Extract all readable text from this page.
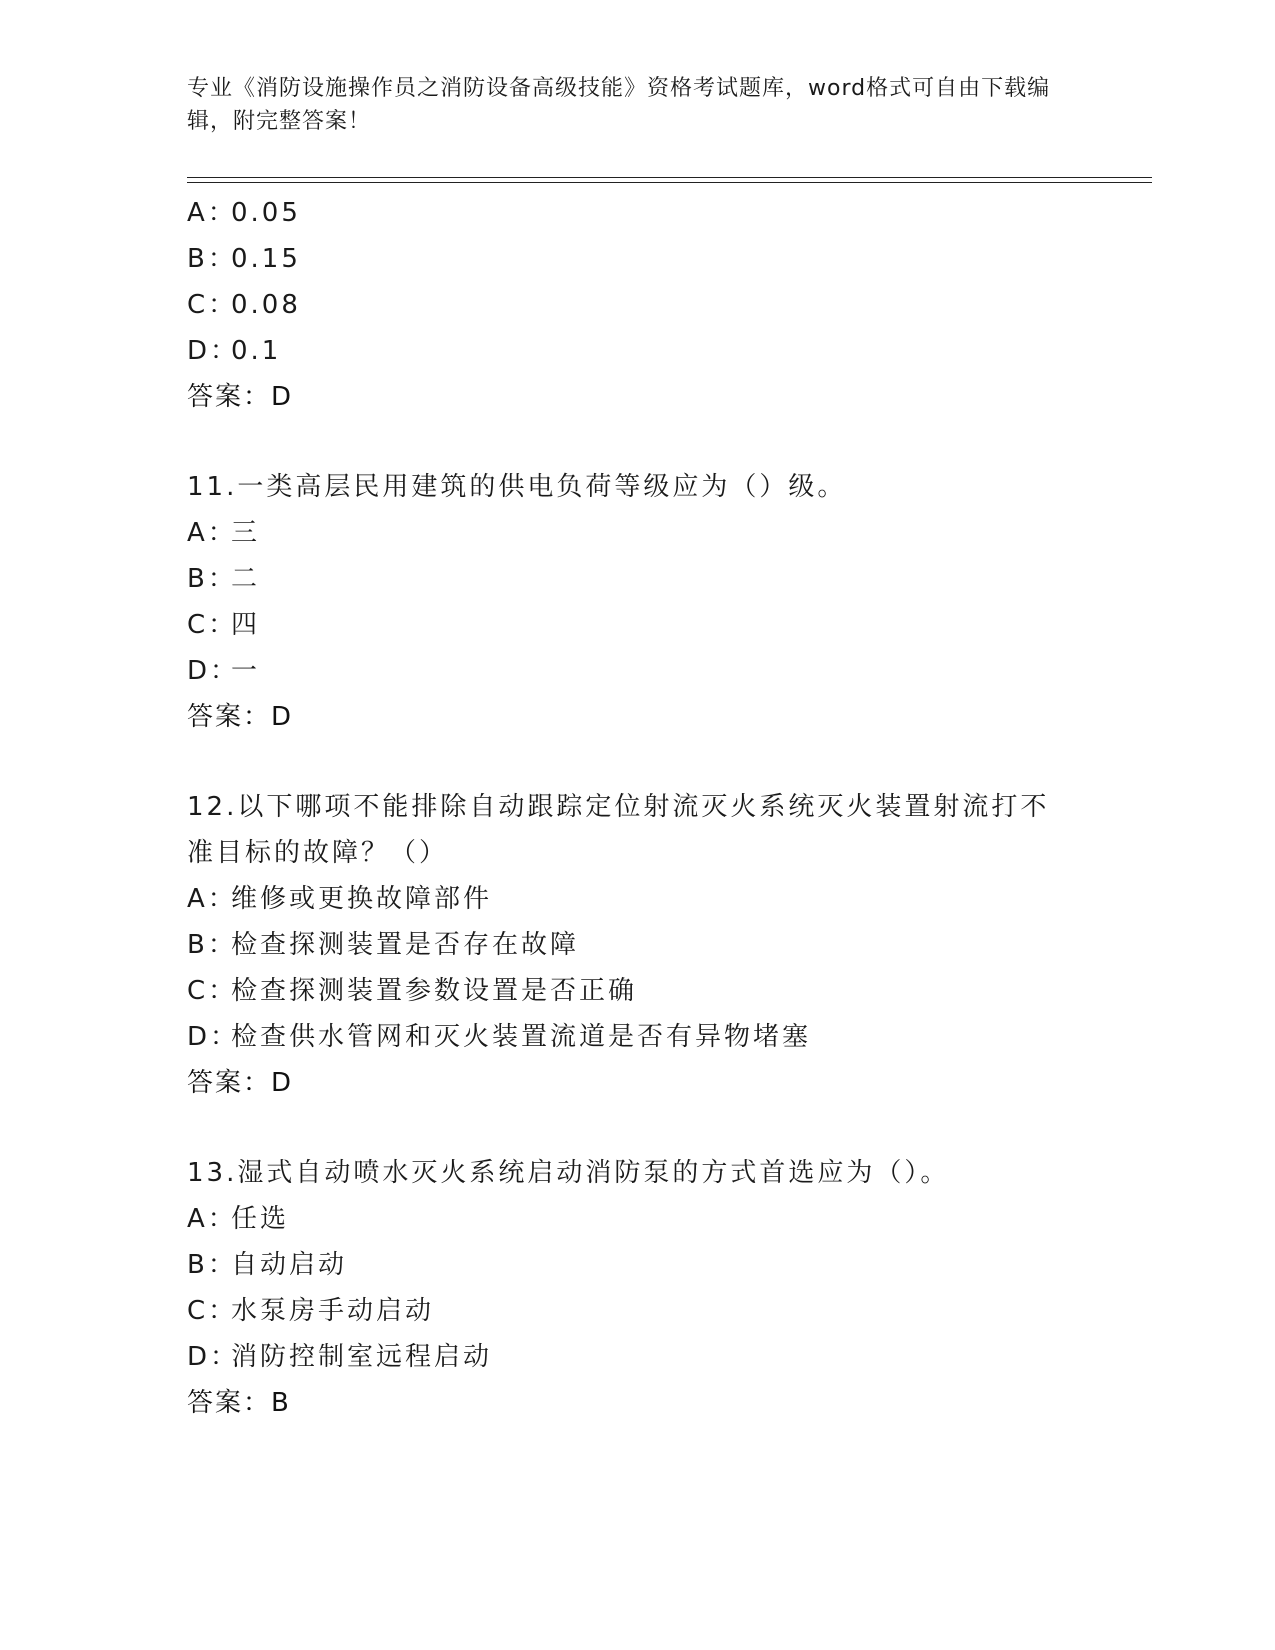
专业《消防设施操作员之消防设备高级技能》资格考试题库，word格式可自由下载编辑，附完整答案！
A：0.05
B：0.15
C：0.08
D：0.1
答案：D
11.一类高层民用建筑的供电负荷等级应为（）级。
A：三
B：二
C：四
D：一
答案：D
12.以下哪项不能排除自动跟踪定位射流灭火系统灭火装置射流打不准目标的故障？（）
A：维修或更换故障部件
B：检查探测装置是否存在故障
C：检查探测装置参数设置是否正确
D：检查供水管网和灭火装置流道是否有异物堵塞
答案：D
13.湿式自动喷水灭火系统启动消防泵的方式首选应为（）。
A：任选
B：自动启动
C：水泵房手动启动
D：消防控制室远程启动
答案：B
